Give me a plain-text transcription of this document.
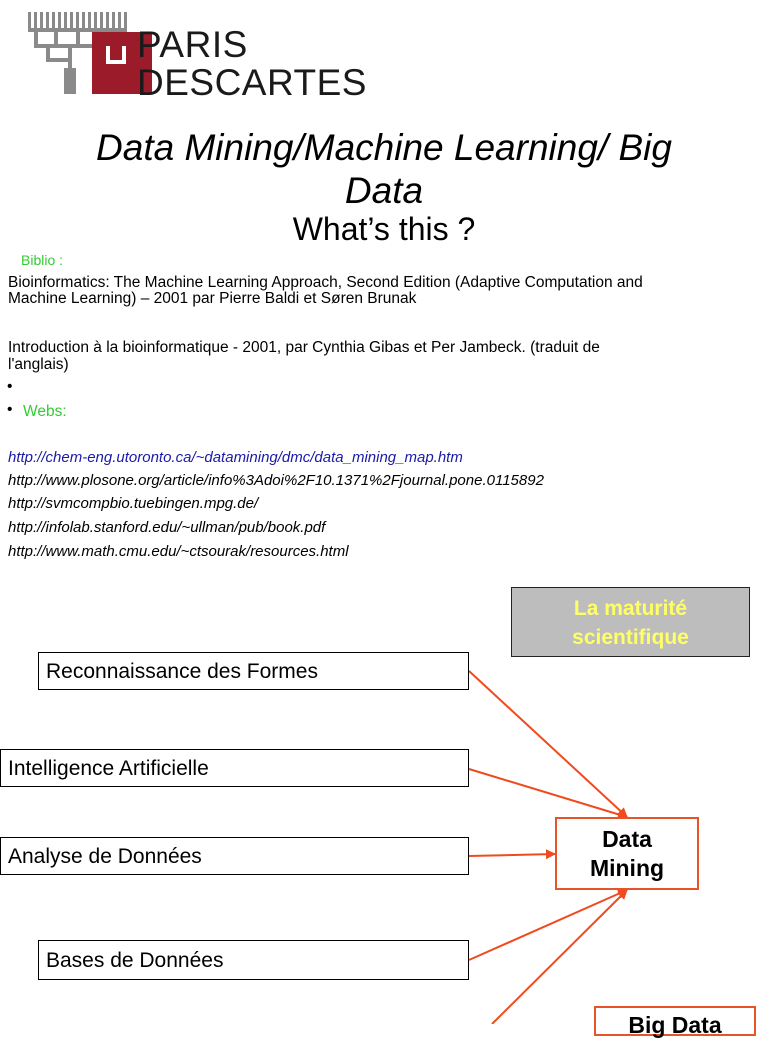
PARIS
DESCARTES
Data Mining/Machine Learning/ Big
Data
What’s this ?
Biblio :
Bioinformatics: The Machine Learning Approach, Second Edition (Adaptive Computation and
Machine Learning) – 2001 par Pierre Baldi et Søren Brunak
Introduction à la bioinformatique - 2001, par Cynthia Gibas et Per Jambeck. (traduit de
l'anglais)
•
• Webs:
http://chem-eng.utoronto.ca/~datamining/dmc/data_mining_map.htm
http://www.plosone.org/article/info%3Adoi%2F10.1371%2Fjournal.pone.0115892
http://svmcompbio.tuebingen.mpg.de/
http://infolab.stanford.edu/~ullman/pub/book.pdf
http://www.math.cmu.edu/~ctsourak/resources.html
La maturité
scientifique
Reconnaissance des Formes
Intelligence Artificielle
Analyse de Données
Bases de Données
Data
Mining
Big Data
